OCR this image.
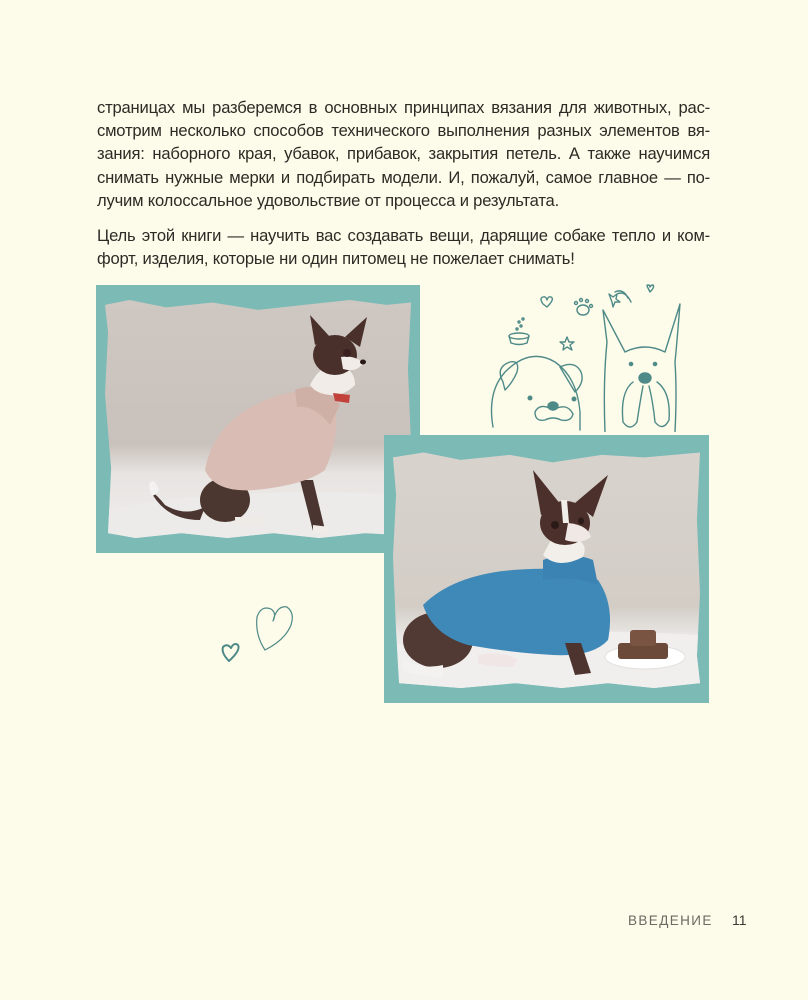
страницах мы разберемся в основных принципах вязания для животных, рас-
смотрим несколько способов технического выполнения разных элементов вя-
зания: наборного края, убавок, прибавок, закрытия петель. А также научимся
снимать нужные мерки и подбирать модели. И, пожалуй, самое главное — по-
лучим колоссальное удовольствие от процесса и результата.

Цель этой книги — научить вас создавать вещи, дарящие собаке тепло и ком-
форт, изделия, которые ни один питомец не пожелает снимать!

ВВЕДЕНИЕ 11
